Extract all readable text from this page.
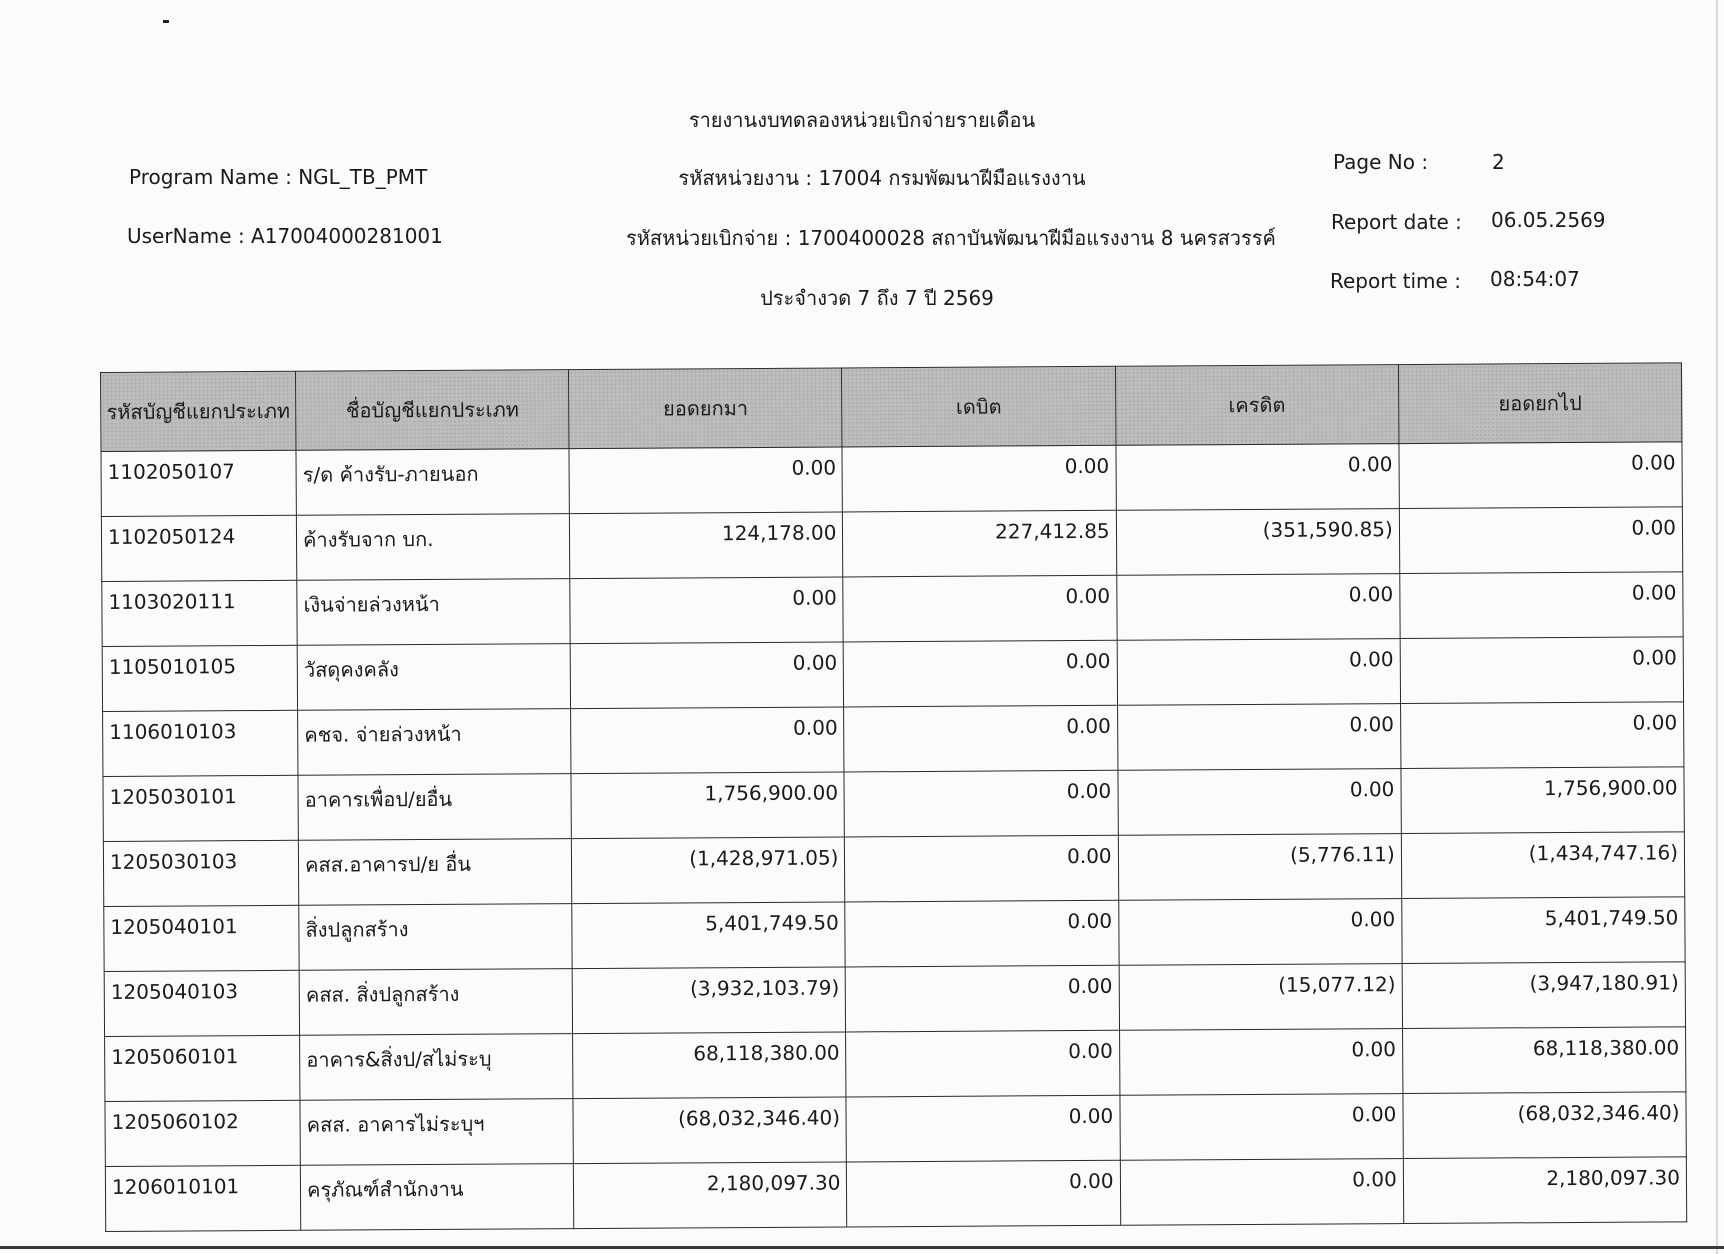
รายงานงบทดลองหน่วยเบิกจ่ายรายเดือน
Program Name : NGL_TB_PMT	รหัสหน่วยงาน : 17004 กรมพัฒนาฝีมือแรงงาน
Page No :	2
UserName : A17004000281001	รหัสหน่วยเบิกจ่าย : 1700400028 สถาบันพัฒนาฝีมือแรงงาน 8 นครสวรรค์
Report date : 06.05.2569
ประจำงวด 7 ถึง 7 ปี 2569
Report time : 08:54:07
รหัสบัญชีแยกประเภท	ชื่อบัญชีแยกประเภท	ยอดยกมา	เดบิต	เครดิต	ยอดยกไป
1102050107	ร/ด ค้างรับ-ภายนอก	0.00	0.00	0.00	0.00
1102050124	ค้างรับจาก บก.	124,178.00	227,412.85	(351,590.85)	0.00
1103020111	เงินจ่ายล่วงหน้า	0.00	0.00	0.00	0.00
1105010105	วัสดุคงคลัง	0.00	0.00	0.00	0.00
1106010103	คชจ. จ่ายล่วงหน้า	0.00	0.00	0.00	0.00
1205030101	อาคารเพื่อป/ยอื่น	1,756,900.00	0.00	0.00	1,756,900.00
1205030103	คสส.อาคารป/ย อื่น	(1,428,971.05)	0.00	(5,776.11)	(1,434,747.16)
1205040101	สิ่งปลูกสร้าง	5,401,749.50	0.00	0.00	5,401,749.50
1205040103	คสส. สิ่งปลูกสร้าง	(3,932,103.79)	0.00	(15,077.12)	(3,947,180.91)
1205060101	อาคาร&สิ่งป/สไม่ระบุ	68,118,380.00	0.00	0.00	68,118,380.00
1205060102	คสส. อาคารไม่ระบุฯ	(68,032,346.40)	0.00	0.00	(68,032,346.40)
1206010101	ครุภัณฑ์สำนักงาน	2,180,097.30	0.00	0.00	2,180,097.30
